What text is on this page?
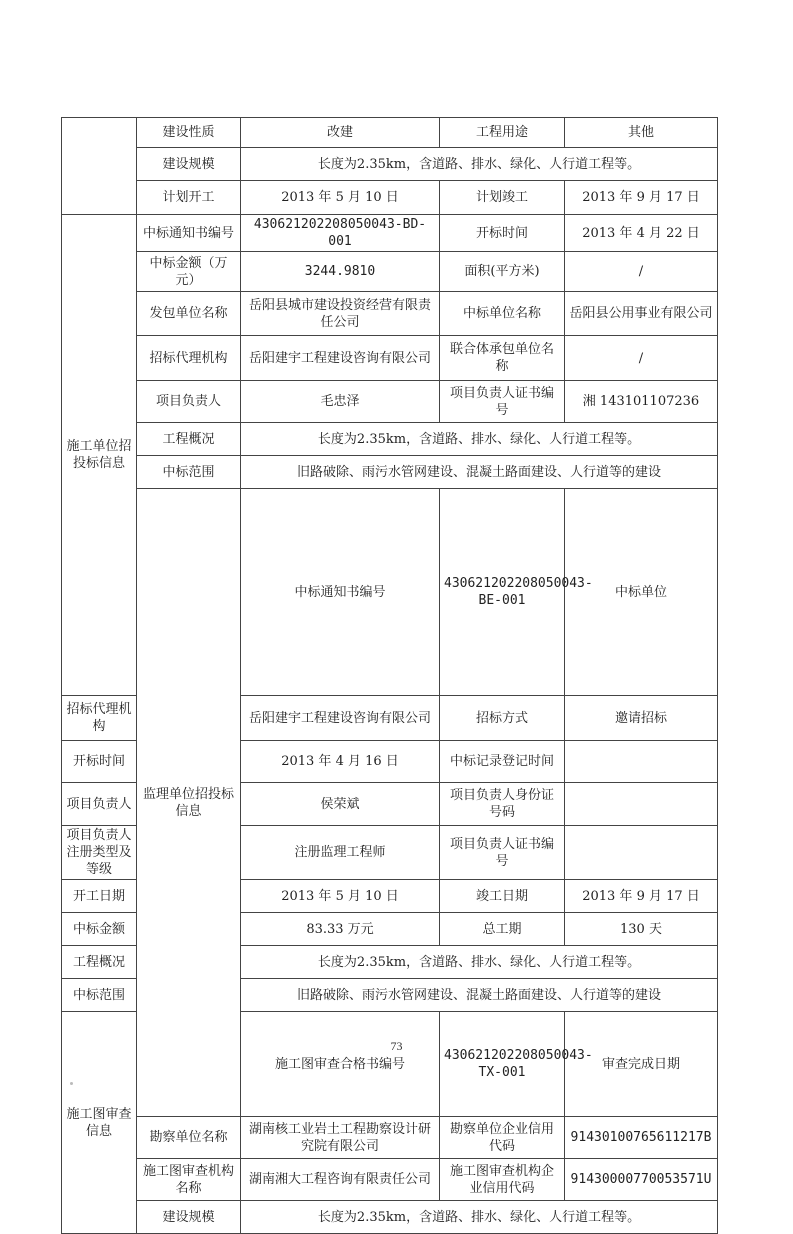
	建设性质	改建	工程用途	其他	
	建设规模	长度为2.35km，含道路、排水、绿化、人行道工程等。			
	计划开工	2013 年 5 月 10 日	计划竣工	2013 年 9 月 17 日	
施工单位招投标信息	中标通知书编号	430621202208050043-BD-001	开标时间	2013 年 4 月 22 日	
	中标金额（万元）	3244.9810	面积(平方米)	/	
	发包单位名称	岳阳县城市建设投资经营有限责任公司	中标单位名称	岳阳县公用事业有限公司	
	招标代理机构	岳阳建宇工程建设咨询有限公司	联合体承包单位名称	/	
	项目负责人	毛忠泽	项目负责人证书编号	湘 143101107236	
	工程概况	长度为2.35km，含道路、排水、绿化、人行道工程等。			
	中标范围	旧路破除、雨污水管网建设、混凝土路面建设、人行道等的建设			
	监理单位招投标信息	中标通知书编号	430621202208050043-BE-001	中标单位	
招标代理机构		岳阳建宇工程建设咨询有限公司	招标方式	邀请招标	
开标时间		2013 年 4 月 16 日	中标记录登记时间		
项目负责人		侯荣斌	项目负责人身份证号码		
项目负责人注册类型及等级		注册监理工程师	项目负责人证书编号		
开工日期		2013 年 5 月 10 日	竣工日期	2013 年 9 月 17 日	
中标金额		83.33 万元	总工期	130 天	
工程概况		长度为2.35km，含道路、排水、绿化、人行道工程等。			
中标范围		旧路破除、雨污水管网建设、混凝土路面建设、人行道等的建设			
施工图审查信息		施工图审查合格书编号	430621202208050043-TX-001	审查完成日期	
	勘察单位名称	湖南核工业岩土工程勘察设计研究院有限公司	勘察单位企业信用代码	91430100765611217B	
	施工图审查机构名称	湖南湘大工程咨询有限责任公司	施工图审查机构企业信用代码	91430000770053571U	
	建设规模	长度为2.35km，含道路、排水、绿化、人行道工程等。			
73
